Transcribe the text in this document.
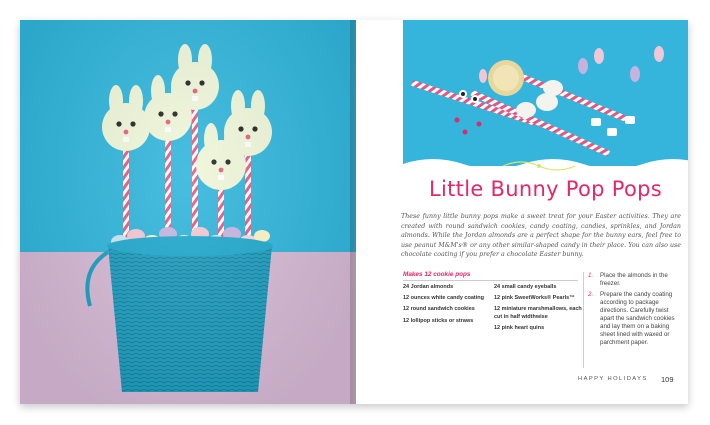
Little Bunny Pop Pops
These funny little bunny pops make a sweet treat for your Easter activities. They are created with round sandwich cookies, candy coating, candies, sprinkles, and Jordan almonds. While the Jordan almonds are a perfect shape for the bunny ears, feel free to use peanut M&M's® or any other similar-shaped candy in their place. You can also use chocolate coating if you prefer a chocolate Easter bunny.
Makes 12 cookie pops
24 Jordan almonds
12 ounces white candy coating
12 round sandwich cookies
12 lollipop sticks or straws
24 small candy eyeballs
12 pink SweetWorks® Pearls™
12 miniature marshmallows, each cut in half widthwise
12 pink heart quins
1. Place the almonds in the freezer.
2. Prepare the candy coating according to package directions. Carefully twist apart the sandwich cookies and lay them on a baking sheet lined with waxed or parchment paper.
HAPPY HOLIDAYS 109
